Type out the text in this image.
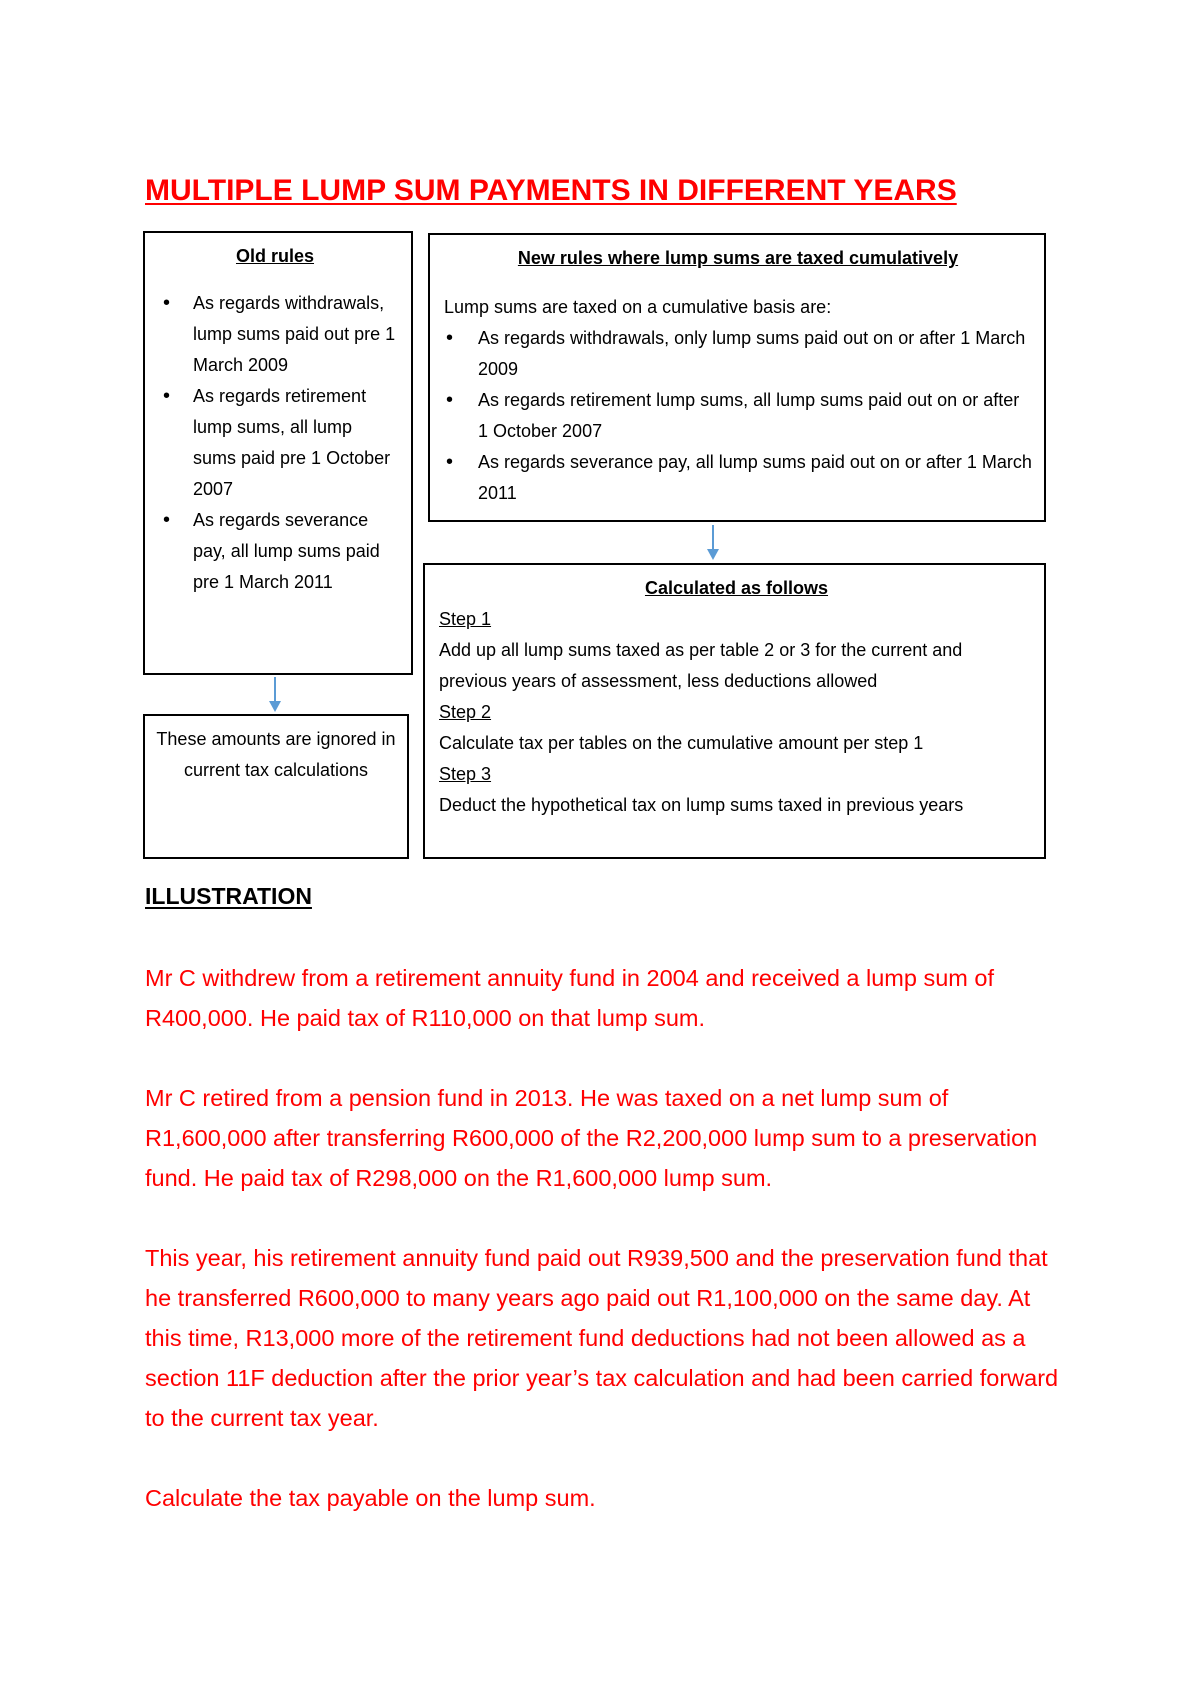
MULTIPLE LUMP SUM PAYMENTS IN DIFFERENT YEARS
Old rules
• As regards withdrawals, lump sums paid out pre 1 March 2009
• As regards retirement lump sums, all lump sums paid pre 1 October 2007
• As regards severance pay, all lump sums paid pre 1 March 2011
These amounts are ignored in current tax calculations
New rules where lump sums are taxed cumulatively
Lump sums are taxed on a cumulative basis are:
• As regards withdrawals, only lump sums paid out on or after 1 March 2009
• As regards retirement lump sums, all lump sums paid out on or after 1 October 2007
• As regards severance pay, all lump sums paid out on or after 1 March 2011
Calculated as follows
Step 1
Add up all lump sums taxed as per table 2 or 3 for the current and previous years of assessment, less deductions allowed
Step 2
Calculate tax per tables on the cumulative amount per step 1
Step 3
Deduct the hypothetical tax on lump sums taxed in previous years
ILLUSTRATION

Mr C withdrew from a retirement annuity fund in 2004 and received a lump sum of R400,000. He paid tax of R110,000 on that lump sum.

Mr C retired from a pension fund in 2013. He was taxed on a net lump sum of R1,600,000 after transferring R600,000 of the R2,200,000 lump sum to a preservation fund. He paid tax of R298,000 on the R1,600,000 lump sum.

This year, his retirement annuity fund paid out R939,500 and the preservation fund that he transferred R600,000 to many years ago paid out R1,100,000 on the same day. At this time, R13,000 more of the retirement fund deductions had not been allowed as a section 11F deduction after the prior year’s tax calculation and had been carried forward to the current tax year.

Calculate the tax payable on the lump sum.
